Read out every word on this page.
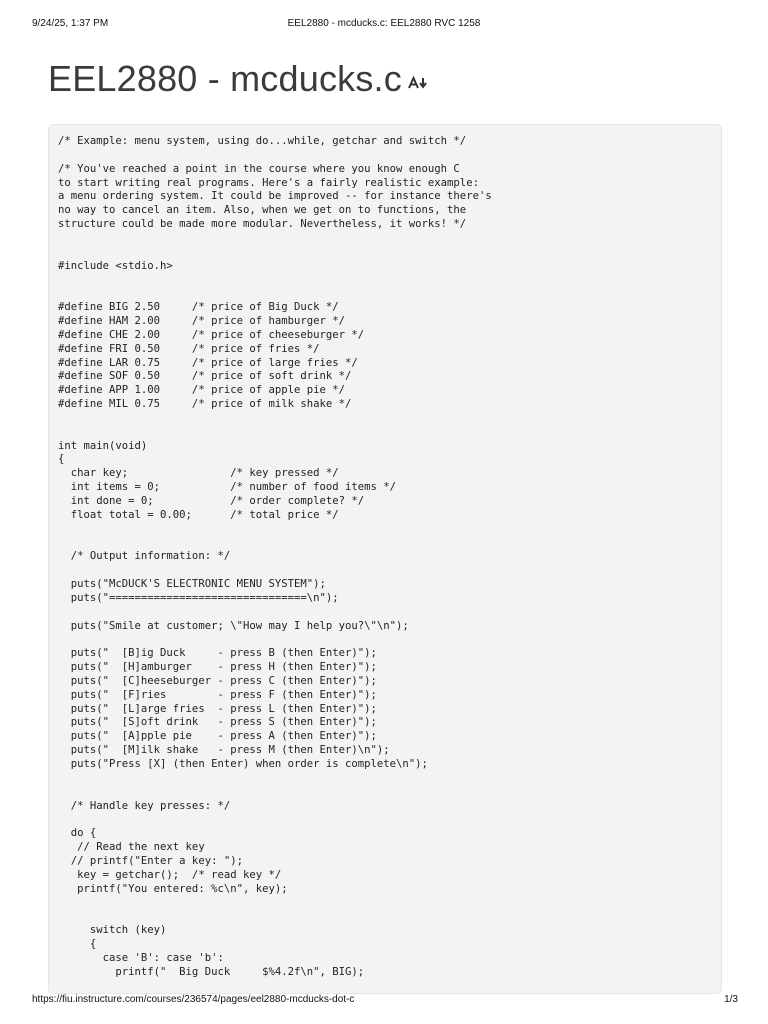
9/24/25, 1:37 PM	EEL2880 - mcducks.c: EEL2880 RVC 1258
EEL2880 - mcducks.c
/* Example: menu system, using do...while, getchar and switch */

/* You've reached a point in the course where you know enough C
to start writing real programs. Here's a fairly realistic example:
a menu ordering system. It could be improved -- for instance there's
no way to cancel an item. Also, when we get on to functions, the
structure could be made more modular. Nevertheless, it works! */

#include <stdio.h>

#define BIG 2.50     /* price of Big Duck */
#define HAM 2.00     /* price of hamburger */
#define CHE 2.00     /* price of cheeseburger */
#define FRI 0.50     /* price of fries */
#define LAR 0.75     /* price of large fries */
#define SOF 0.50     /* price of soft drink */
#define APP 1.00     /* price of apple pie */
#define MIL 0.75     /* price of milk shake */

int main(void)
{
char key;                /* key pressed */
int items = 0;           /* number of food items */
int done = 0;            /* order complete? */
float total = 0.00;      /* total price */

/* Output information: */

puts("McDUCK'S ELECTRONIC MENU SYSTEM");
puts("===============================\n");

puts("Smile at customer; \"How may I help you?\"\n");

puts("  [B]ig Duck     - press B (then Enter)");
puts("  [H]amburger    - press H (then Enter)");
puts("  [C]heeseburger - press C (then Enter)");
puts("  [F]ries        - press F (then Enter)");
puts("  [L]arge fries  - press L (then Enter)");
puts("  [S]oft drink   - press S (then Enter)");
puts("  [A]pple pie    - press A (then Enter)");
puts("  [M]ilk shake   - press M (then Enter)\n");
puts("Press [X] (then Enter) when order is complete\n");

/* Handle key presses: */

do {
// Read the next key
// printf("Enter a key: ");
key = getchar();  /* read key */
printf("You entered: %c\n", key);

switch (key)
{
case 'B': case 'b':
printf("  Big Duck     $%4.2f\n", BIG);
https://fiu.instructure.com/courses/236574/pages/eel2880-mcducks-dot-c	1/3
